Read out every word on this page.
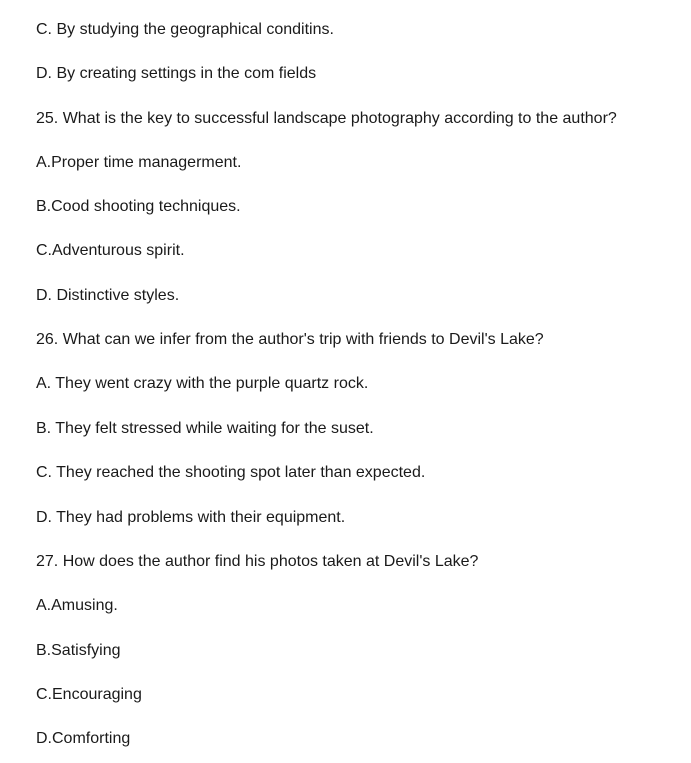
C. By studying the geographical conditins.
D. By creating settings in the com fields
25. What is the key to successful landscape photography according to the author?
A.Proper time managerment.
B.Cood shooting techniques.
C.Adventurous spirit.
D. Distinctive styles.
26. What can we infer from the author's trip with friends to Devil's Lake?
A. They went crazy with the purple quartz rock.
B. They felt stressed while waiting for the suset.
C. They reached the shooting spot later than expected.
D. They had problems with their equipment.
27. How does the author find his photos taken at Devil's Lake?
A.Amusing.
B.Satisfying
C.Encouraging
D.Comforting
